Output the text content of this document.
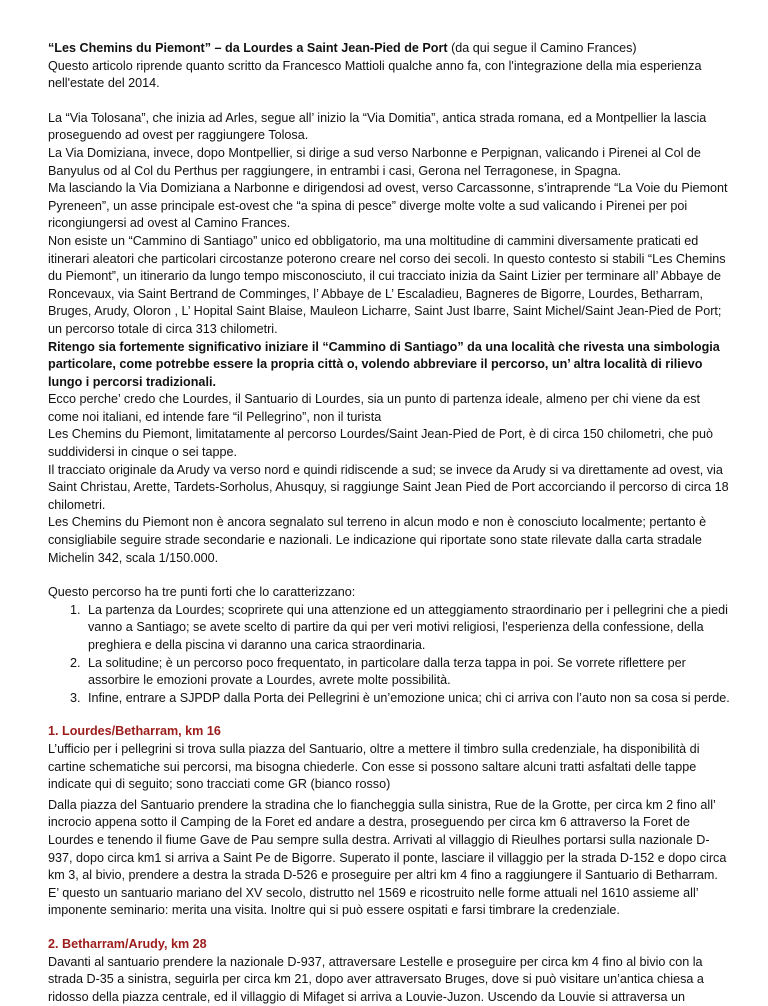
“Les Chemins du Piemont” – da Lourdes a Saint Jean-Pied de Port (da qui segue il Camino Frances)

Questo articolo riprende quanto scritto da Francesco Mattioli qualche anno fa, con l'integrazione della mia esperienza nell'estate del 2014.

La “Via Tolosana”, che inizia ad Arles, segue all’ inizio la “Via Domitia”, antica strada romana, ed a Montpellier la lascia proseguendo ad ovest per raggiungere Tolosa.

La Via Domiziana, invece, dopo Montpellier, si dirige a sud verso Narbonne e Perpignan, valicando i Pirenei al Col de Banyulus od al Col du Perthus per raggiungere, in entrambi i casi, Gerona nel Terragonese, in Spagna.

Ma lasciando la Via Domiziana a Narbonne e dirigendosi ad ovest, verso Carcassonne, s’intraprende “La Voie du Piemont Pyreneen”, un asse principale est-ovest che “a spina di pesce” diverge molte volte a sud valicando i Pirenei per poi ricongiungersi ad ovest al Camino Frances.

Non esiste un “Cammino di Santiago” unico ed obbligatorio, ma una moltitudine di cammini diversamente praticati ed itinerari aleatori che particolari circostanze poterono creare nel corso dei secoli. In questo contesto si stabili “Les Chemins du Piemont”, un itinerario da lungo tempo misconosciuto, il cui tracciato inizia da Saint Lizier per terminare all’ Abbaye de Roncevaux, via Saint Bertrand de Comminges, l’ Abbaye de L’ Escaladieu, Bagneres de Bigorre, Lourdes, Betharram, Bruges, Arudy, Oloron , L’ Hopital Saint Blaise, Mauleon Licharre, Saint Just Ibarre, Saint Michel/Saint Jean-Pied de Port; un percorso totale di circa 313 chilometri.

Ritengo sia fortemente significativo iniziare il “Cammino di Santiago” da una località che rivesta una simbologia particolare, come potrebbe essere la propria città o, volendo abbreviare il percorso, un’ altra località di rilievo lungo i percorsi tradizionali.

Ecco perche’ credo che Lourdes, il Santuario di Lourdes, sia un punto di partenza ideale, almeno per chi viene da est come noi italiani, ed intende fare “il Pellegrino”, non il turista

Les Chemins du Piemont, limitatamente al percorso Lourdes/Saint Jean-Pied de Port, è di circa 150 chilometri, che può suddividersi in cinque o sei tappe.

Il tracciato originale da Arudy va verso nord e quindi ridiscende a sud; se invece da Arudy si va direttamente ad ovest, via Saint Christau, Arette, Tardets-Sorholus, Ahusquy, si raggiunge Saint Jean Pied de Port accorciando il percorso di circa 18 chilometri.

Les Chemins du Piemont non è ancora segnalato sul terreno in alcun modo e non è conosciuto localmente; pertanto è consigliabile seguire strade secondarie e nazionali. Le indicazione qui riportate sono state rilevate dalla carta stradale Michelin 342, scala 1/150.000.

Questo percorso ha tre punti forti che lo caratterizzano:

1. La partenza da Lourdes; scoprirete qui una attenzione ed un atteggiamento straordinario per i pellegrini che a piedi vanno a Santiago; se avete scelto di partire da qui per veri motivi religiosi, l'esperienza della confessione, della preghiera e della piscina vi daranno una carica straordinaria.
2. La solitudine; è un percorso poco frequentato, in particolare dalla terza tappa in poi. Se vorrete riflettere per assorbire le emozioni provate a Lourdes, avrete molte possibilità.
3. Infine, entrare a SJPDP dalla Porta dei Pellegrini è un’emozione unica; chi ci arriva con l’auto non sa cosa si perde.

1. Lourdes/Betharram, km 16

L’ufficio per i pellegrini si trova sulla piazza del Santuario, oltre a mettere il timbro sulla credenziale, ha disponibilità di cartine schematiche sui percorsi, ma bisogna chiederle. Con esse si possono saltare alcuni tratti asfaltati delle tappe indicate qui di seguito; sono tracciati come GR (bianco rosso)

Dalla piazza del Santuario prendere la stradina che lo fiancheggia sulla sinistra, Rue de la Grotte, per circa km 2 fino all’ incrocio appena sotto il Camping de la Foret ed andare a destra, proseguendo per circa km 6 attraverso la Foret de Lourdes e tenendo il fiume Gave de Pau sempre sulla destra. Arrivati al villaggio di Rieulhes portarsi sulla nazionale D-937, dopo circa km1 si arriva a Saint Pe de Bigorre. Superato il ponte, lasciare il villaggio per la strada D-152 e dopo circa km 3, al bivio, prendere a destra la strada D-526 e proseguire per altri km 4 fino a raggiungere il Santuario di Betharram.

E’ questo un santuario mariano del XV secolo, distrutto nel 1569 e ricostruito nelle forme attuali nel 1610 assieme all’ imponente seminario: merita una visita. Inoltre qui si può essere ospitati e farsi timbrare la credenziale.

2. Betharram/Arudy, km 28

Davanti al santuario prendere la nazionale D-937, attraversare Lestelle e proseguire per circa km 4 fino al bivio con la strada D-35 a sinistra, seguirla per circa km 21, dopo aver attraversato Bruges, dove si può visitare un’antica chiesa a ridosso della piazza centrale, ed il villaggio di Mifaget si arriva a Louvie-Juzon. Uscendo da Louvie si attraversa un
